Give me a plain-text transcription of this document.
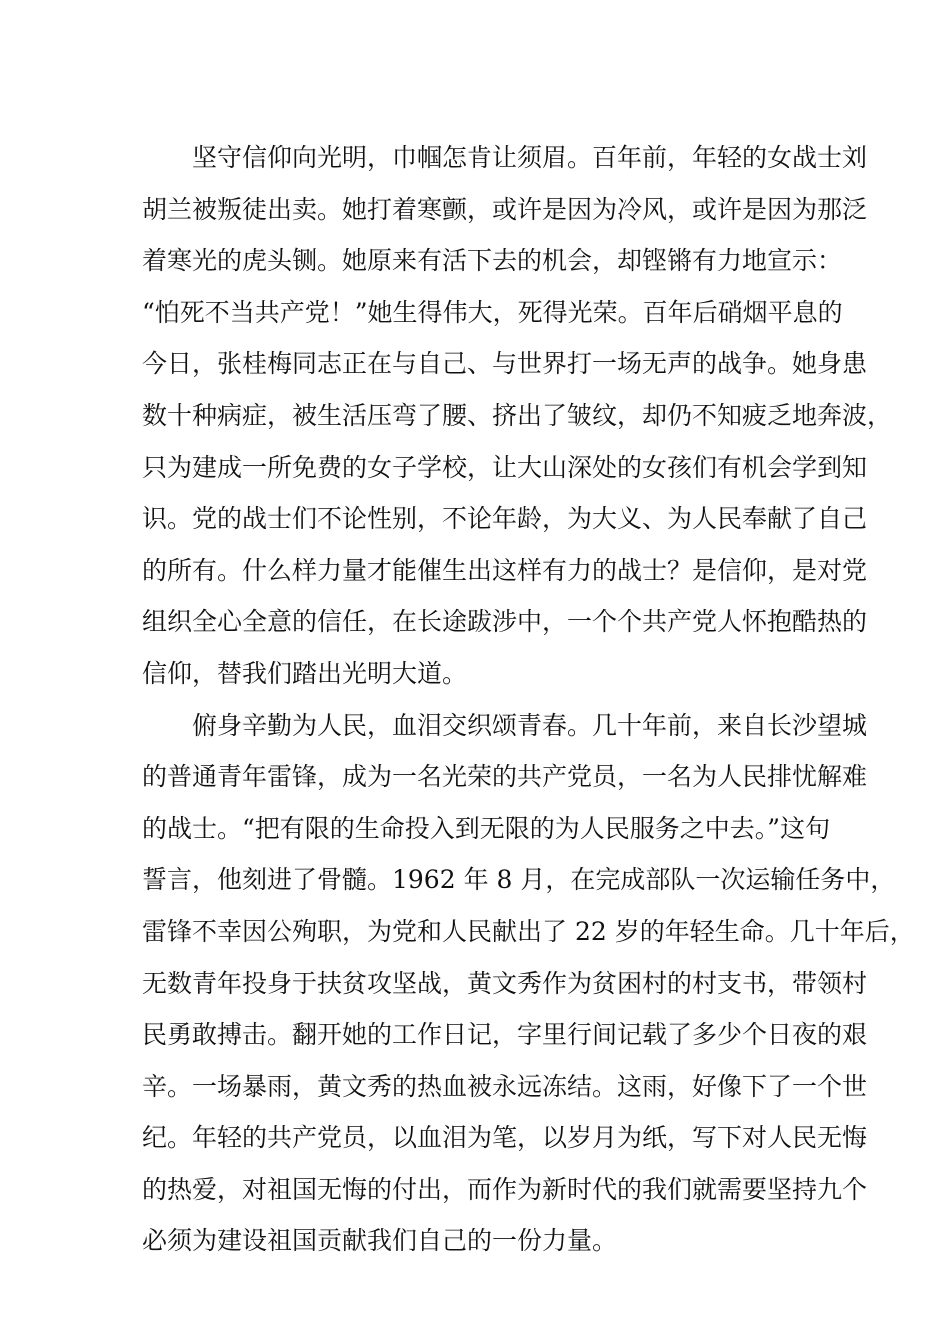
坚守信仰向光明，巾帼怎肯让须眉。百年前，年轻的女战士刘
胡兰被叛徒出卖。她打着寒颤，或许是因为冷风，或许是因为那泛
着寒光的虎头铡。她原来有活下去的机会，却铿锵有力地宣示：
“怕死不当共产党！”她生得伟大，死得光荣。百年后硝烟平息的
今日，张桂梅同志正在与自己、与世界打一场无声的战争。她身患
数十种病症，被生活压弯了腰、挤出了皱纹，却仍不知疲乏地奔波，
只为建成一所免费的女子学校，让大山深处的女孩们有机会学到知
识。党的战士们不论性别，不论年龄，为大义、为人民奉献了自己
的所有。什么样力量才能催生出这样有力的战士？是信仰，是对党
组织全心全意的信任，在长途跋涉中，一个个共产党人怀抱酷热的
信仰，替我们踏出光明大道。
俯身辛勤为人民，血泪交织颂青春。几十年前，来自长沙望城
的普通青年雷锋，成为一名光荣的共产党员，一名为人民排忧解难
的战士。“把有限的生命投入到无限的为人民服务之中去。”这句
誓言，他刻进了骨髓。1962 年 8 月，在完成部队一次运输任务中，
雷锋不幸因公殉职，为党和人民献出了 22 岁的年轻生命。几十年后，
无数青年投身于扶贫攻坚战，黄文秀作为贫困村的村支书，带领村
民勇敢搏击。翻开她的工作日记，字里行间记载了多少个日夜的艰
辛。一场暴雨，黄文秀的热血被永远冻结。这雨，好像下了一个世
纪。年轻的共产党员，以血泪为笔，以岁月为纸，写下对人民无悔
的热爱，对祖国无悔的付出，而作为新时代的我们就需要坚持九个
必须为建设祖国贡献我们自己的一份力量。
